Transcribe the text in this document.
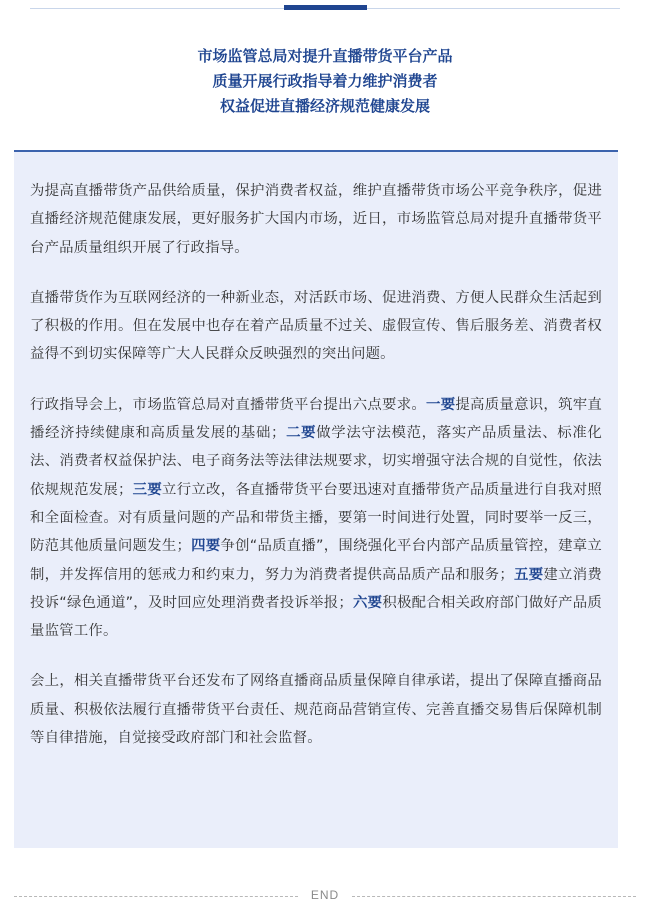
市场监管总局对提升直播带货平台产品
质量开展行政指导着力维护消费者
权益促进直播经济规范健康发展

为提高直播带货产品供给质量，保护消费者权益，维护直播带货市场公平竞争秩序，促进直播经济规范健康发展，更好服务扩大国内市场，近日，市场监管总局对提升直播带货平台产品质量组织开展了行政指导。

直播带货作为互联网经济的一种新业态，对活跃市场、促进消费、方便人民群众生活起到了积极的作用。但在发展中也存在着产品质量不过关、虚假宣传、售后服务差、消费者权益得不到切实保障等广大人民群众反映强烈的突出问题。

行政指导会上，市场监管总局对直播带货平台提出六点要求。一要提高质量意识，筑牢直播经济持续健康和高质量发展的基础；二要做学法守法模范，落实产品质量法、标准化法、消费者权益保护法、电子商务法等法律法规要求，切实增强守法合规的自觉性，依法依规规范发展；三要立行立改，各直播带货平台要迅速对直播带货产品质量进行自我对照和全面检查。对有质量问题的产品和带货主播，要第一时间进行处置，同时要举一反三，防范其他质量问题发生；四要争创“品质直播”，围绕强化平台内部产品质量管控，建章立制，并发挥信用的惩戒力和约束力，努力为消费者提供高品质产品和服务；五要建立消费投诉“绿色通道”，及时回应处理消费者投诉举报；六要积极配合相关政府部门做好产品质量监管工作。

会上，相关直播带货平台还发布了网络直播商品质量保障自律承诺，提出了保障直播商品质量、积极依法履行直播带货平台责任、规范商品营销宣传、完善直播交易售后保障机制等自律措施，自觉接受政府部门和社会监督。

END
